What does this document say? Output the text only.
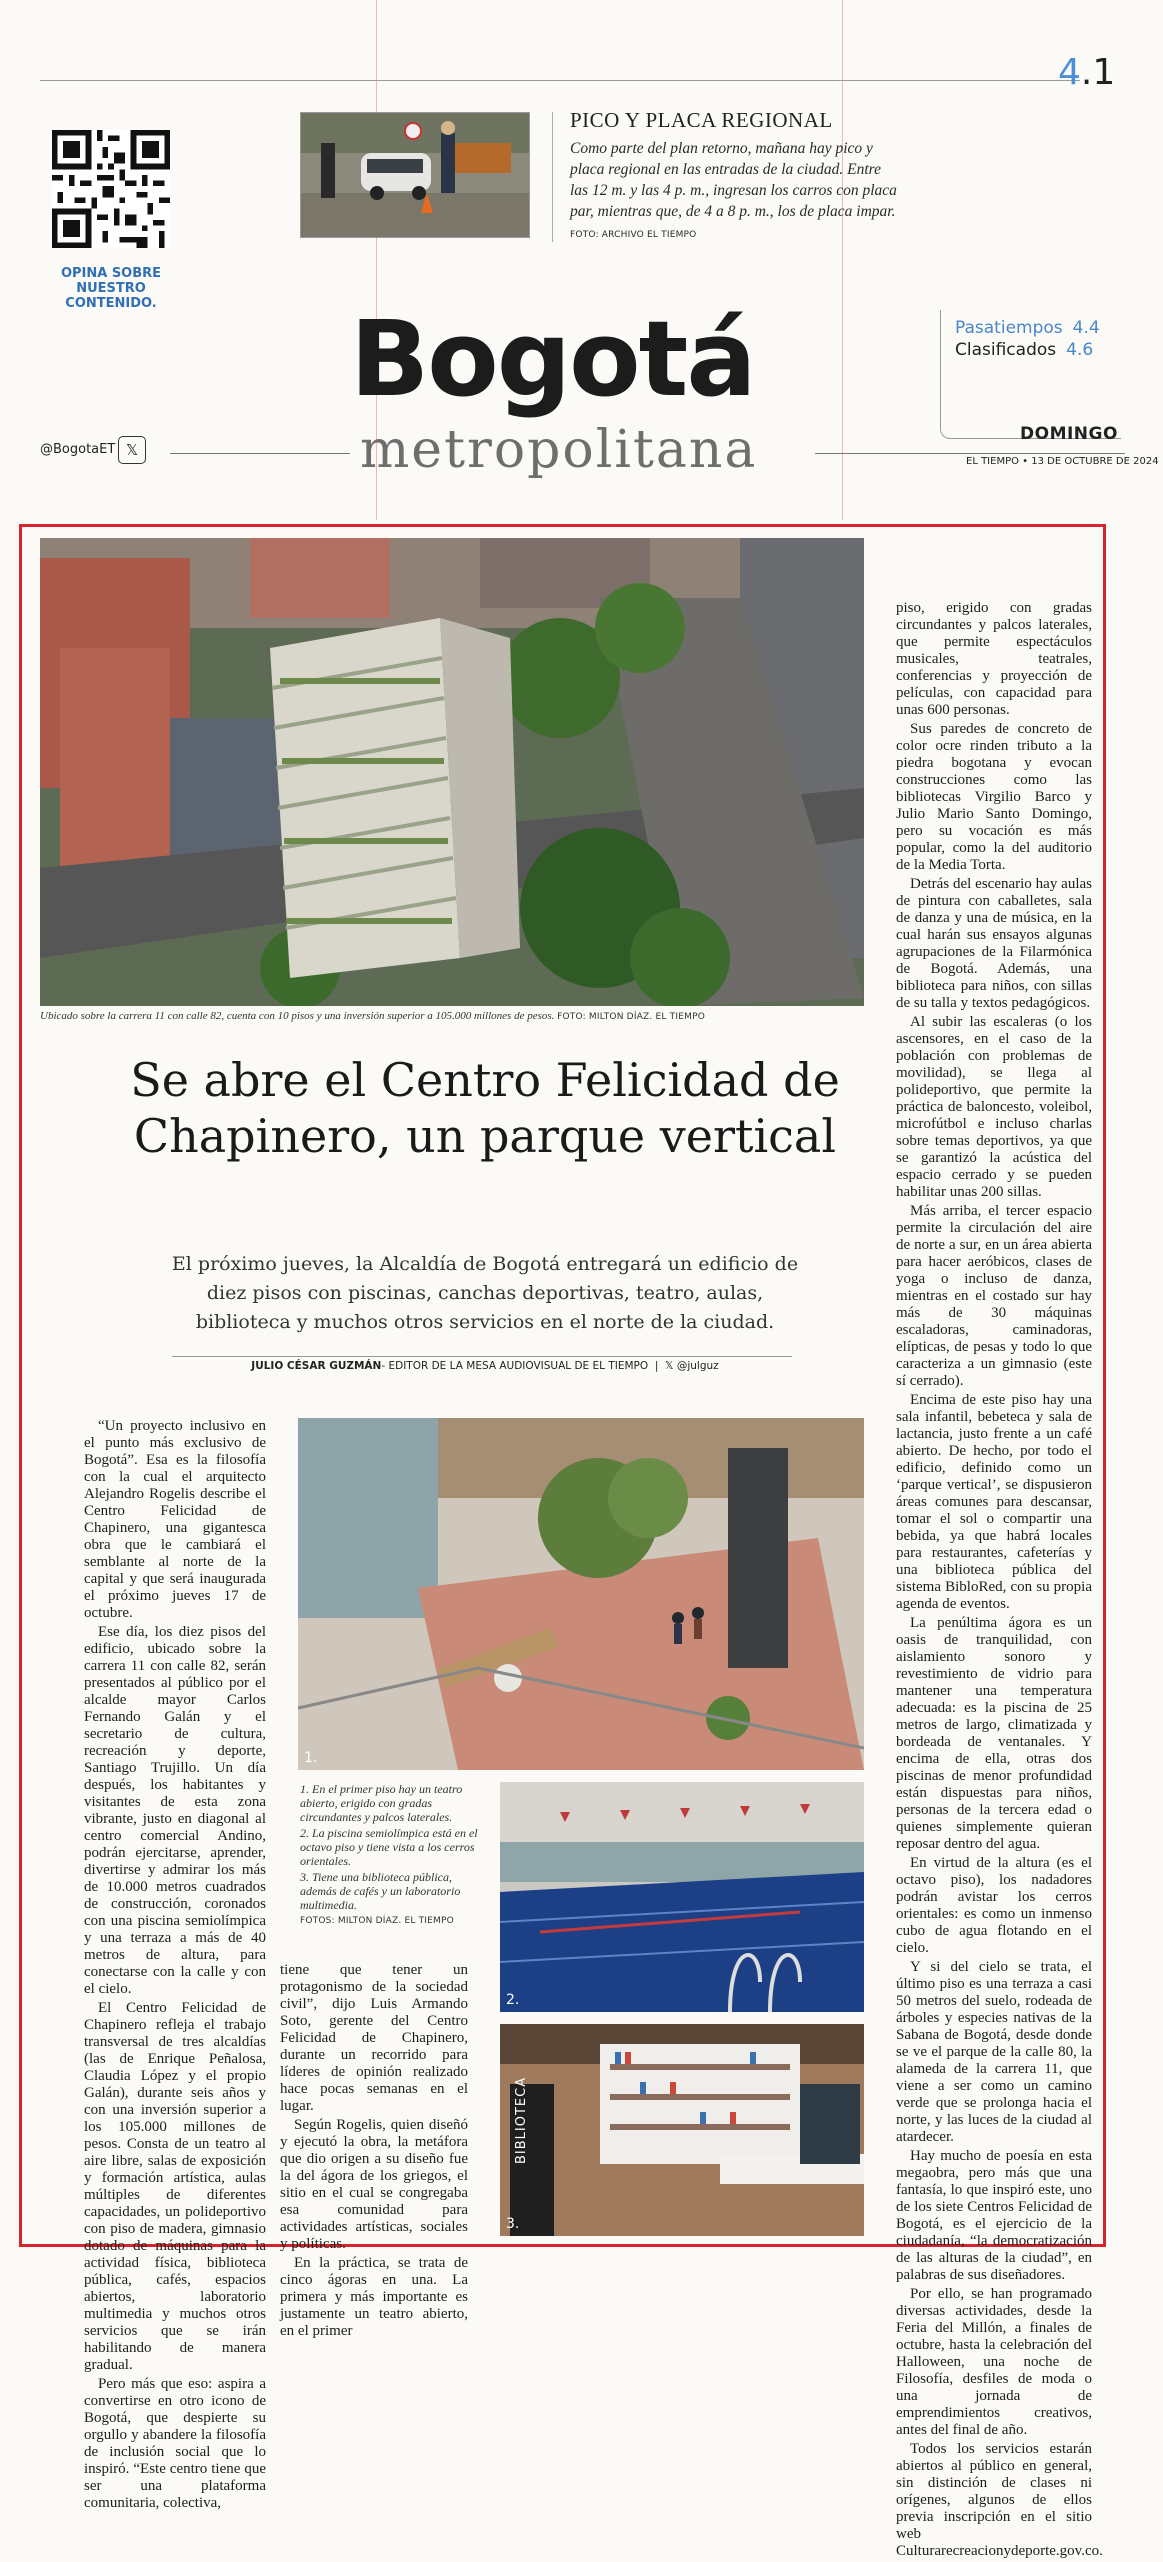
4.1
OPINA SOBRE NUESTRO CONTENIDO.
PICO Y PLACA REGIONAL
Como parte del plan retorno, mañana hay pico y placa regional en las entradas de la ciudad. Entre las 12 m. y las 4 p. m., ingresan los carros con placa par, mientras que, de 4 a 8 p. m., los de placa impar. FOTO: ARCHIVO EL TIEMPO
Bogotá
metropolitana
@BogotaET 𝕏
Pasatiempos 4.4
Clasificados 4.6
DOMINGO
EL TIEMPO • 13 DE OCTUBRE DE 2024
Ubicado sobre la carrera 11 con calle 82, cuenta con 10 pisos y una inversión superior a 105.000 millones de pesos. FOTO: MILTON DÍAZ. EL TIEMPO
Se abre el Centro Felicidad de Chapinero, un parque vertical
El próximo jueves, la Alcaldía de Bogotá entregará un edificio de diez pisos con piscinas, canchas deportivas, teatro, aulas, biblioteca y muchos otros servicios en el norte de la ciudad.
JULIO CÉSAR GUZMÁN- EDITOR DE LA MESA AUDIOVISUAL DE EL TIEMPO  |  𝕏 @julguz

piso, erigido con gradas circundantes y palcos laterales, que permite espectáculos musicales, teatrales, conferencias y proyección de películas, con capacidad para unas 600 personas.

Sus paredes de concreto de color ocre rinden tributo a la piedra bogotana y evocan construcciones como las bibliotecas Virgilio Barco y Julio Mario Santo Domingo, pero su vocación es más popular, como la del auditorio de la Media Torta.

Detrás del escenario hay aulas de pintura con caballetes, sala de danza y una de música, en la cual harán sus ensayos algunas agrupaciones de la Filarmónica de Bogotá. Además, una biblioteca para niños, con sillas de su talla y textos pedagógicos.

Al subir las escaleras (o los ascensores, en el caso de la población con problemas de movilidad), se llega al polideportivo, que permite la práctica de baloncesto, voleibol, microfútbol e incluso charlas sobre temas deportivos, ya que se garantizó la acústica del espacio cerrado y se pueden habilitar unas 200 sillas.

Más arriba, el tercer espacio permite la circulación del aire de norte a sur, en un área abierta para hacer aeróbicos, clases de yoga o incluso de danza, mientras en el costado sur hay más de 30 máquinas escaladoras, caminadoras, elípticas, de pesas y todo lo que caracteriza a un gimnasio (este sí cerrado).

Encima de este piso hay una sala infantil, bebeteca y sala de lactancia, justo frente a un café abierto. De hecho, por todo el edificio, definido como un ‘parque vertical’, se dispusieron áreas comunes para descansar, tomar el sol o compartir una bebida, ya que habrá locales para restaurantes, cafeterías y una biblioteca pública del sistema BibloRed, con su propia agenda de eventos.

La penúltima ágora es un oasis de tranquilidad, con aislamiento sonoro y revestimiento de vidrio para mantener una temperatura adecuada: es la piscina de 25 metros de largo, climatizada y bordeada de ventanales. Y encima de ella, otras dos piscinas de menor profundidad están dispuestas para niños, personas de la tercera edad o quienes simplemente quieran reposar dentro del agua.

En virtud de la altura (es el octavo piso), los nadadores podrán avistar los cerros orientales: es como un inmenso cubo de agua flotando en el cielo.

Y si del cielo se trata, el último piso es una terraza a casi 50 metros del suelo, rodeada de árboles y especies nativas de la Sabana de Bogotá, desde donde se ve el parque de la calle 80, la alameda de la carrera 11, que viene a ser como un camino verde que se prolonga hacia el norte, y las luces de la ciudad al atardecer.

Hay mucho de poesía en esta megaobra, pero más que una fantasía, lo que inspiró este, uno de los siete Centros Felicidad de Bogotá, es el ejercicio de la ciudadanía, “la democratización de las alturas de la ciudad”, en palabras de sus diseñadores.

Por ello, se han programado diversas actividades, desde la Feria del Millón, a finales de octubre, hasta la celebración del Halloween, una noche de Filosofía, desfiles de moda o una jornada de emprendimientos creativos, antes del final de año.

Todos los servicios estarán abiertos al público en general, sin distinción de clases ni orígenes, algunos de ellos previa inscripción en el sitio web Culturarecreacionydeporte.gov.co.

“Un proyecto inclusivo en el punto más exclusivo de Bogotá”. Esa es la filosofía con la cual el arquitecto Alejandro Rogelis describe el Centro Felicidad de Chapinero, una gigantesca obra que le cambiará el semblante al norte de la capital y que será inaugurada el próximo jueves 17 de octubre.

Ese día, los diez pisos del edificio, ubicado sobre la carrera 11 con calle 82, serán presentados al público por el alcalde mayor Carlos Fernando Galán y el secretario de cultura, recreación y deporte, Santiago Trujillo. Un día después, los habitantes y visitantes de esta zona vibrante, justo en diagonal al centro comercial Andino, podrán ejercitarse, aprender, divertirse y admirar los más de 10.000 metros cuadrados de construcción, coronados con una piscina semiolímpica y una terraza a más de 40 metros de altura, para conectarse con la calle y con el cielo.

El Centro Felicidad de Chapinero refleja el trabajo transversal de tres alcaldías (las de Enrique Peñalosa, Claudia López y el propio Galán), durante seis años y con una inversión superior a los 105.000 millones de pesos. Consta de un teatro al aire libre, salas de exposición y formación artística, aulas múltiples de diferentes capacidades, un polideportivo con piso de madera, gimnasio dotado de máquinas para la actividad física, biblioteca pública, cafés, espacios abiertos, laboratorio multimedia y muchos otros servicios que se irán habilitando de manera gradual.

Pero más que eso: aspira a convertirse en otro icono de Bogotá, que despierte su orgullo y abandere la filosofía de inclusión social que lo inspiró. “Este centro tiene que ser una plataforma comunitaria, colectiva,

1.
1. En el primer piso hay un teatro abierto, erigido con gradas circundantes y palcos laterales.
2. La piscina semiolímpica está en el octavo piso y tiene vista a los cerros orientales.
3. Tiene una biblioteca pública, además de cafés y un laboratorio multimedia.
FOTOS: MILTON DÍAZ. EL TIEMPO

tiene que tener un protagonismo de la sociedad civil”, dijo Luis Armando Soto, gerente del Centro Felicidad de Chapinero, durante un recorrido para líderes de opinión realizado hace pocas semanas en el lugar.

Según Rogelis, quien diseñó y ejecutó la obra, la metáfora que dio origen a su diseño fue la del ágora de los griegos, el sitio en el cual se congregaba esa comunidad para actividades artísticas, sociales y políticas.

En la práctica, se trata de cinco ágoras en una. La primera y más importante es justamente un teatro abierto, en el primer

2.
BIBLIOTECA
3.
